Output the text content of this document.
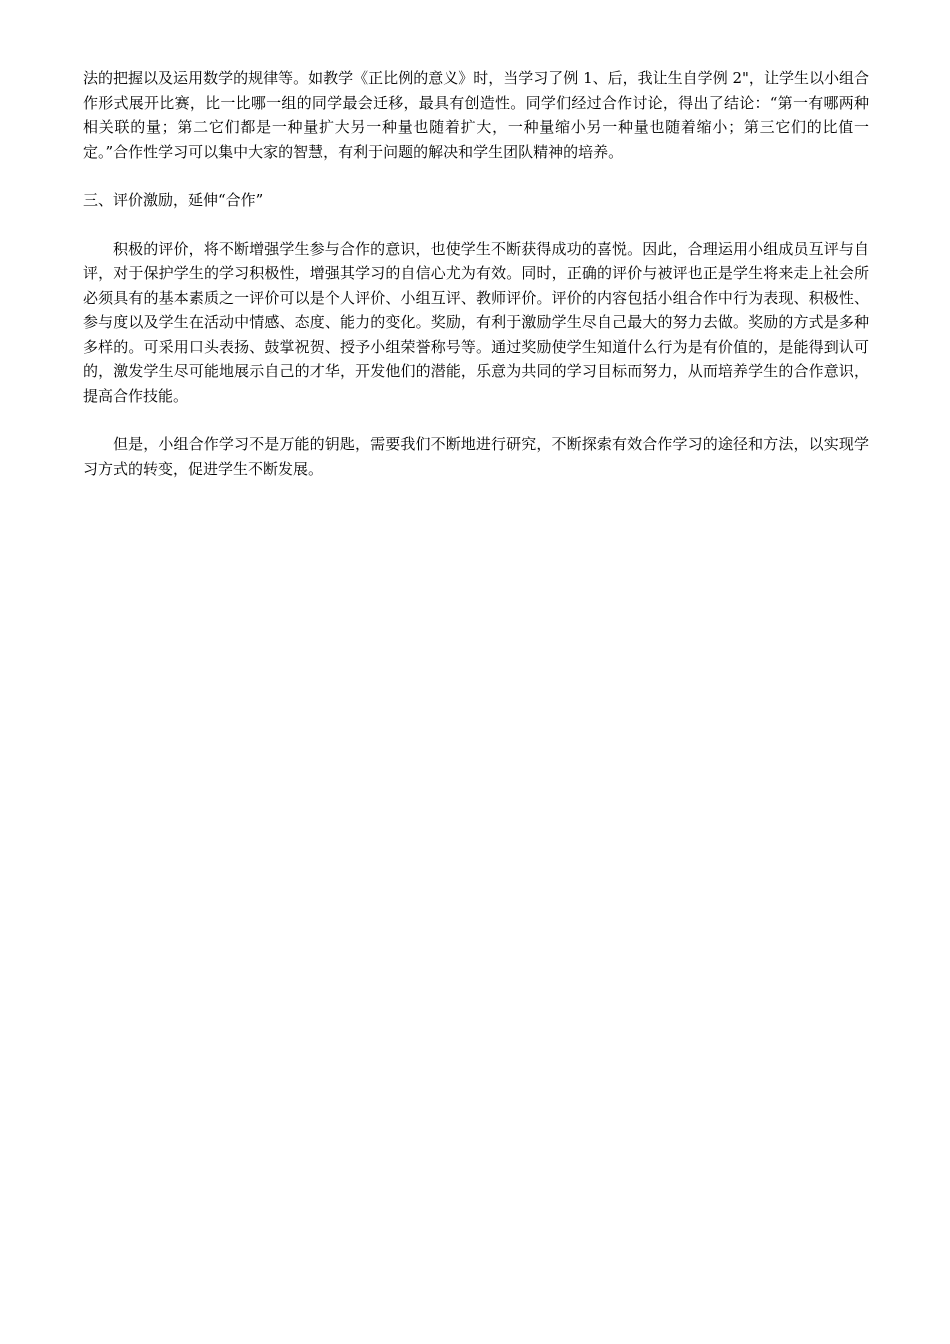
法的把握以及运用数学的规律等。如教学《正比例的意义》时，当学习了例 1、后，我让生自学例 2"，让学生以小组合作形式展开比赛，比一比哪一组的同学最会迁移，最具有创造性。同学们经过合作讨论，得出了结论：“第一有哪两种相关联的量；第二它们都是一种量扩大另一种量也随着扩大，一种量缩小另一种量也随着缩小；第三它们的比值一定。”合作性学习可以集中大家的智慧，有利于问题的解决和学生团队精神的培养。

三、评价激励，延伸“合作”

积极的评价，将不断增强学生参与合作的意识，也使学生不断获得成功的喜悦。因此，合理运用小组成员互评与自评，对于保护学生的学习积极性，增强其学习的自信心尤为有效。同时，正确的评价与被评也正是学生将来走上社会所必须具有的基本素质之一评价可以是个人评价、小组互评、教师评价。评价的内容包括小组合作中行为表现、积极性、参与度以及学生在活动中情感、态度、能力的变化。奖励，有利于激励学生尽自己最大的努力去做。奖励的方式是多种多样的。可采用口头表扬、鼓掌祝贺、授予小组荣誉称号等。通过奖励使学生知道什么行为是有价值的，是能得到认可的，激发学生尽可能地展示自己的才华，开发他们的潜能，乐意为共同的学习目标而努力，从而培养学生的合作意识，提高合作技能。

但是，小组合作学习不是万能的钥匙，需要我们不断地进行研究，不断探索有效合作学习的途径和方法，以实现学习方式的转变，促进学生不断发展。
